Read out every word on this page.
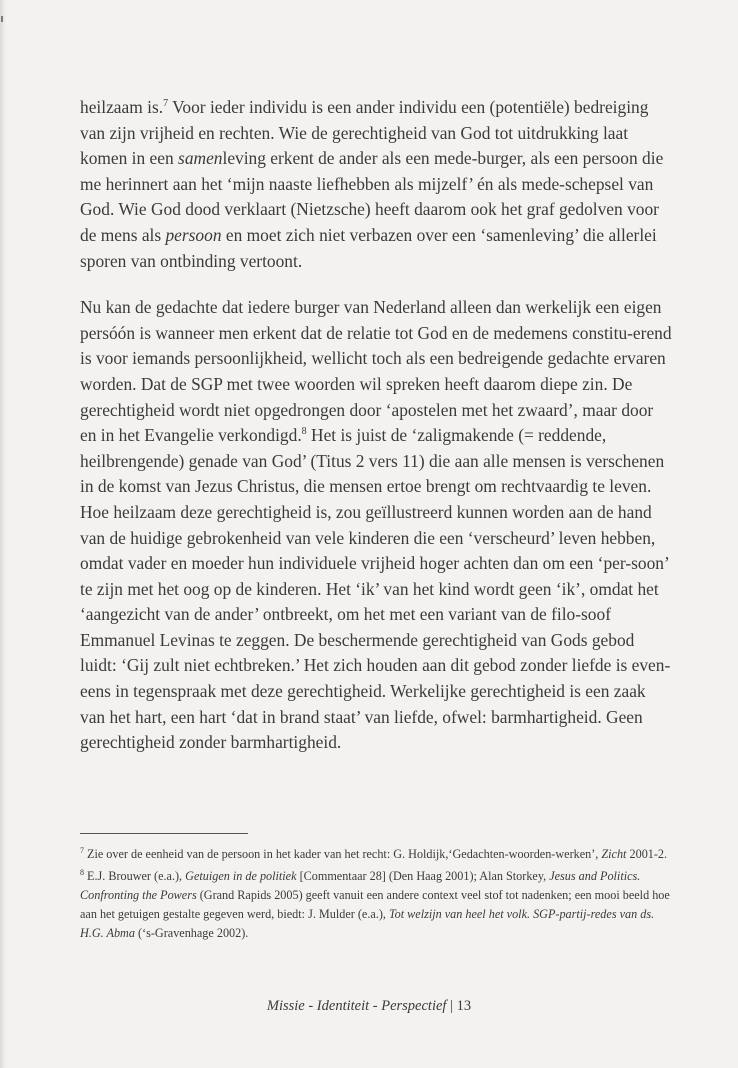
heilzaam is.$^7$ Voor ieder individu is een ander individu een (potentiële) bedreiging van zijn vrijheid en rechten. Wie de gerechtigheid van God tot uitdrukking laat komen in een samenleving erkent de ander als een mede-burger, als een persoon die me herinnert aan het ‘mijn naaste liefhebben als mijzelf’ én als mede-schepsel van God. Wie God dood verklaart (Nietzsche) heeft daarom ook het graf gedolven voor de mens als persoon en moet zich niet verbazen over een ‘samenleving’ die allerlei sporen van ontbinding vertoont.

Nu kan de gedachte dat iedere burger van Nederland alleen dan werkelijk een eigen persóón is wanneer men erkent dat de relatie tot God en de medemens constitu-erend is voor iemands persoonlijkheid, wellicht toch als een bedreigende gedachte ervaren worden. Dat de SGP met twee woorden wil spreken heeft daarom diepe zin. De gerechtigheid wordt niet opgedrongen door ‘apostelen met het zwaard’, maar door en in het Evangelie verkondigd.$^8$ Het is juist de ‘zaligmakende (= reddende, heilbrengende) genade van God’ (Titus 2 vers 11) die aan alle mensen is verschenen in de komst van Jezus Christus, die mensen ertoe brengt om rechtvaardig te leven. Hoe heilzaam deze gerechtigheid is, zou geïllustreerd kunnen worden aan de hand van de huidige gebrokenheid van vele kinderen die een ‘verscheurd’ leven hebben, omdat vader en moeder hun individuele vrijheid hoger achten dan om een ‘per-soon’ te zijn met het oog op de kinderen. Het ‘ik’ van het kind wordt geen ‘ik’, omdat het ‘aangezicht van de ander’ ontbreekt, om het met een variant van de filo-soof Emmanuel Levinas te zeggen. De beschermende gerechtigheid van Gods gebod luidt: ‘Gij zult niet echtbreken.’ Het zich houden aan dit gebod zonder liefde is even-eens in tegenspraak met deze gerechtigheid. Werkelijke gerechtigheid is een zaak van het hart, een hart ‘dat in brand staat’ van liefde, ofwel: barmhartigheid. Geen gerechtigheid zonder barmhartigheid.

$^7$ Zie over de eenheid van de persoon in het kader van het recht: G. Holdijk,‘Gedachten-woorden-werken’, Zicht 2001-2.
$^8$ E.J. Brouwer (e.a.), Getuigen in de politiek [Commentaar 28] (Den Haag 2001); Alan Storkey, Jesus and Politics. Confronting the Powers (Grand Rapids 2005) geeft vanuit een andere context veel stof tot nadenken; een mooi beeld hoe aan het getuigen gestalte gegeven werd, biedt: J. Mulder (e.a.), Tot welzijn van heel het volk. SGP-partij-redes van ds. H.G. Abma (‘s-Gravenhage 2002).
Missie - Identiteit - Perspectief | 13
